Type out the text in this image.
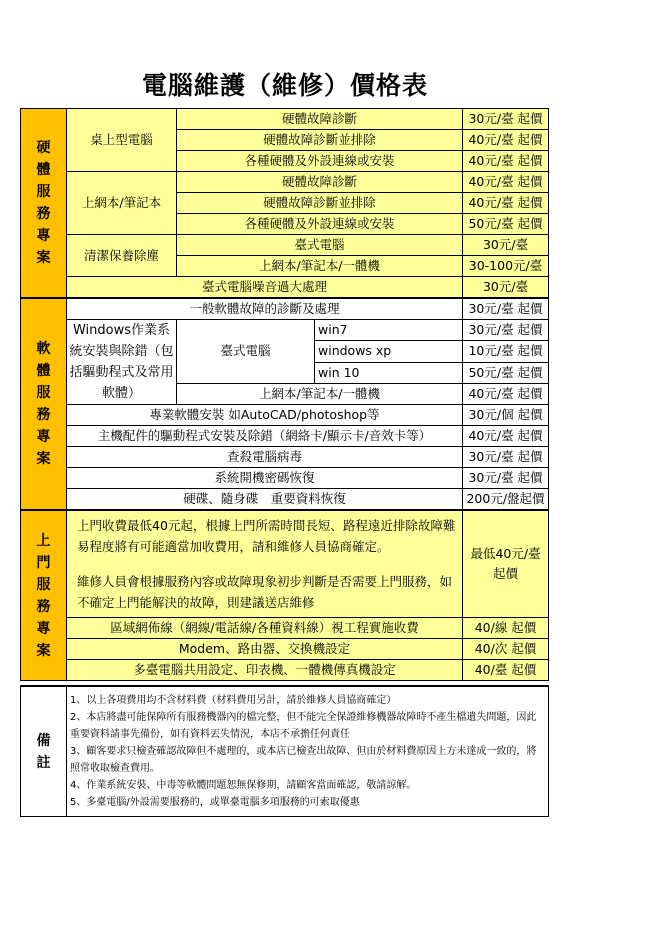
電腦維護（維修）價格表
硬體服務專案	桌上型電腦	硬體故障診斷		30元/臺 起價
		硬體故障診斷並排除		40元/臺 起價
		各種硬體及外設連線或安裝		40元/臺 起價
	上網本/筆記本	硬體故障診斷		40元/臺 起價
		硬體故障診斷並排除		40元/臺 起價
		各種硬體及外設連線或安裝		50元/臺 起價
	清潔保養除塵	臺式電腦		30元/臺
		上網本/筆記本/一體機		30-100元/臺
	臺式電腦噪音過大處理			30元/臺

軟體服務專案	一般軟體故障的診斷及處理			30元/臺 起價
	Windows作業系統安裝與除錯（包括驅動程式及常用軟體）	臺式電腦	win7	30元/臺 起價
			windows xp	10元/臺 起價
			win 10	50元/臺 起價
		上網本/筆記本/一體機		40元/臺 起價
	專業軟體安裝 如AutoCAD/photoshop等			30元/個 起價
	主機配件的驅動程式安裝及除錯（網絡卡/顯示卡/音效卡等）			40元/臺 起價
	查殺電腦病毒			30元/臺 起價
	系統開機密碼恢復			30元/臺 起價
	硬碟、隨身碟　重要資料恢復			200元/盤起價

上門服務專案	上門收費最低40元起，根據上門所需時間長短、路程遠近排除故障難易程度將有可能適當加收費用，請和維修人員協商確定。
維修人員會根據服務內容或故障現象初步判斷是否需要上門服務，如不確定上門能解決的故障，則建議送店維修			最低40元/臺起價
	區域網佈線（網線/電話線/各種資料線）視工程實施收費			40/線 起價
	Modem、路由器、交換機設定			40/次 起價
	多臺電腦共用設定、印表機、一體機傳真機設定			40/臺 起價

備註	1、以上各項費用均不含材料費（材料費用另計，請於維修人員協商確定）
2、本店將盡可能保障所有服務機器內的檔完整，但不能完全保證維修機器故障時不產生檔遺失問題，因此重要資料請事先備份，如有資料丟失情況，本店不承擔任何責任
3、顧客要求只檢查確認故障但不處理的，或本店已檢查出故障、但由於材料費原因上方未達成一致的，將照常收取檢查費用。
4、作業系統安裝、中毒等軟體問題恕無保修期，請顧客當面確認，敬請諒解。
5、多臺電腦/外設需要服務的，或單臺電腦多項服務的可索取優惠			
